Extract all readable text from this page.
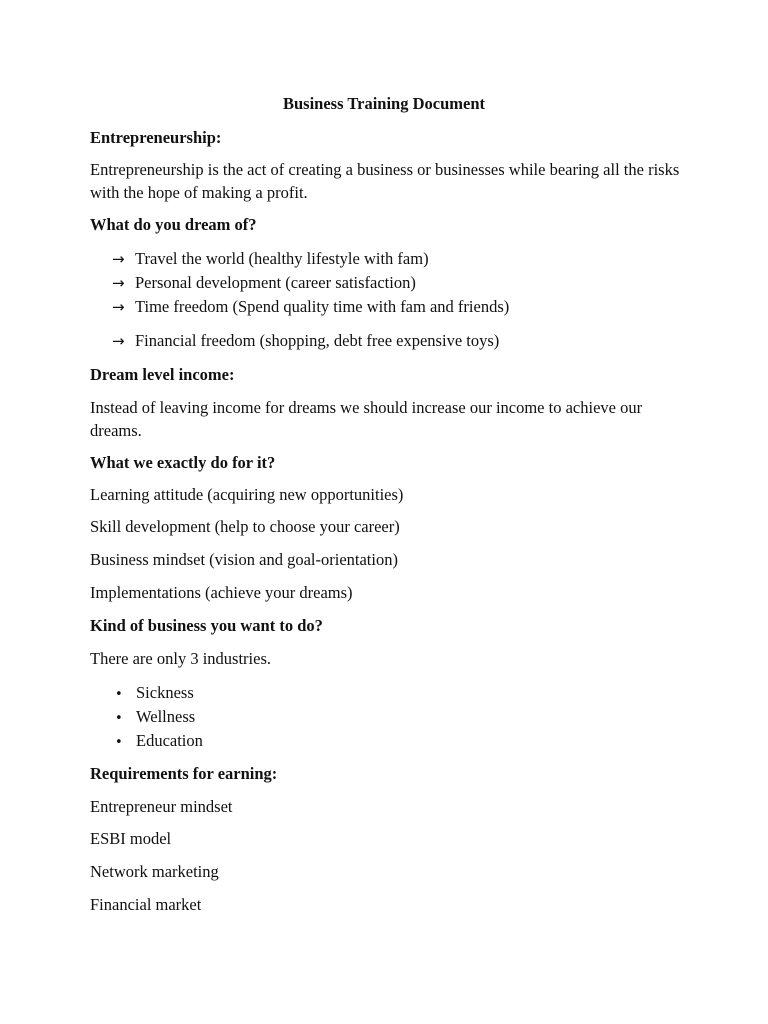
Business Training Document

Entrepreneurship:

Entrepreneurship is the act of creating a business or businesses while bearing all the risks with the hope of making a profit.

What do you dream of?

→ Travel the world (healthy lifestyle with fam)

→ Personal development (career satisfaction)

→ Time freedom (Spend quality time with fam and friends)

→ Financial freedom (shopping, debt free expensive toys)

Dream level income:

Instead of leaving income for dreams we should increase our income to achieve our dreams.

What we exactly do for it?

Learning attitude (acquiring new opportunities)

Skill development (help to choose your career)

Business mindset (vision and goal-orientation)

Implementations (achieve your dreams)

Kind of business you want to do?

There are only 3 industries.

• Sickness

• Wellness

• Education

Requirements for earning:

Entrepreneur mindset

ESBI model

Network marketing

Financial market
